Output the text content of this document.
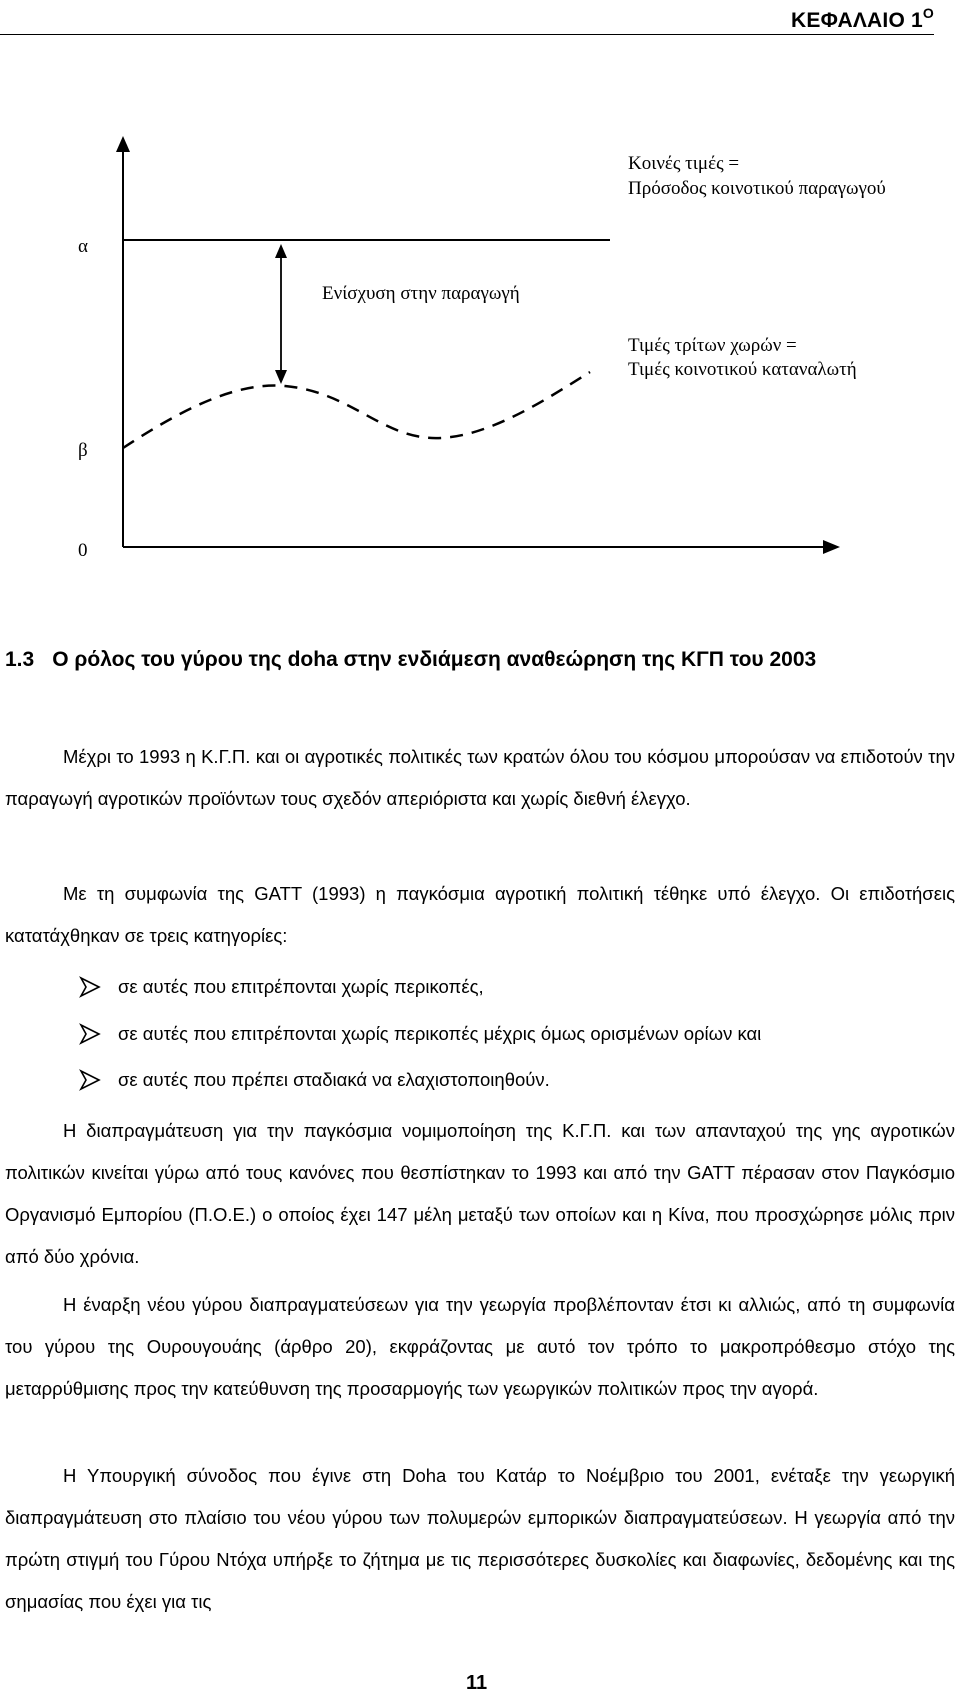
ΚΕΦΑΛΑΙΟ $1^O$
Κοινές τιμές =
Πρόσοδος κοινοτικού παραγωγού
α
Ενίσχυση στην παραγωγή
Τιμές τρίτων χωρών =
Τιμές κοινοτικού καταναλωτή
β
0
1.3 Ο ρόλος του γύρου της doha στην ενδιάμεση αναθεώρηση της ΚΓΠ του 2003

Μέχρι το 1993 η Κ.Γ.Π. και οι αγροτικές πολιτικές των κρατών όλου του κόσμου μπορούσαν να επιδοτούν την παραγωγή αγροτικών προϊόντων τους σχεδόν απεριόριστα και χωρίς διεθνή έλεγχο.

Με τη συμφωνία της GATT (1993) η παγκόσμια αγροτική πολιτική τέθηκε υπό έλεγχο. Οι επιδοτήσεις κατατάχθηκαν σε τρεις κατηγορίες:

σε αυτές που επιτρέπονται χωρίς περικοπές,
σε αυτές που επιτρέπονται χωρίς περικοπές μέχρις όμως ορισμένων ορίων και
σε αυτές που πρέπει σταδιακά να ελαχιστοποιηθούν.

Η διαπραγμάτευση για την παγκόσμια νομιμοποίηση της Κ.Γ.Π. και των απανταχού της γης αγροτικών πολιτικών κινείται γύρω από τους κανόνες που θεσπίστηκαν το 1993 και από την GATT πέρασαν στον Παγκόσμιο Οργανισμό Εμπορίου (Π.Ο.Ε.) ο οποίος έχει 147 μέλη μεταξύ των οποίων και η Κίνα, που προσχώρησε μόλις πριν από δύο χρόνια.

Η έναρξη νέου γύρου διαπραγματεύσεων για την γεωργία προβλέπονταν έτσι κι αλλιώς, από τη συμφωνία του γύρου της Ουρουγουάης (άρθρο 20), εκφράζοντας με αυτό τον τρόπο το μακροπρόθεσμο στόχο της μεταρρύθμισης προς την κατεύθυνση της προσαρμογής των γεωργικών πολιτικών προς την αγορά.

Η Υπουργική σύνοδος που έγινε στη Doha του Κατάρ το Νοέμβριο του 2001, ενέταξε την γεωργική διαπραγμάτευση στο πλαίσιο του νέου γύρου των πολυμερών εμπορικών διαπραγματεύσεων. Η γεωργία από την πρώτη στιγμή του Γύρου Ντόχα υπήρξε το ζήτημα με τις περισσότερες δυσκολίες και διαφωνίες, δεδομένης και της σημασίας που έχει για τις

11
